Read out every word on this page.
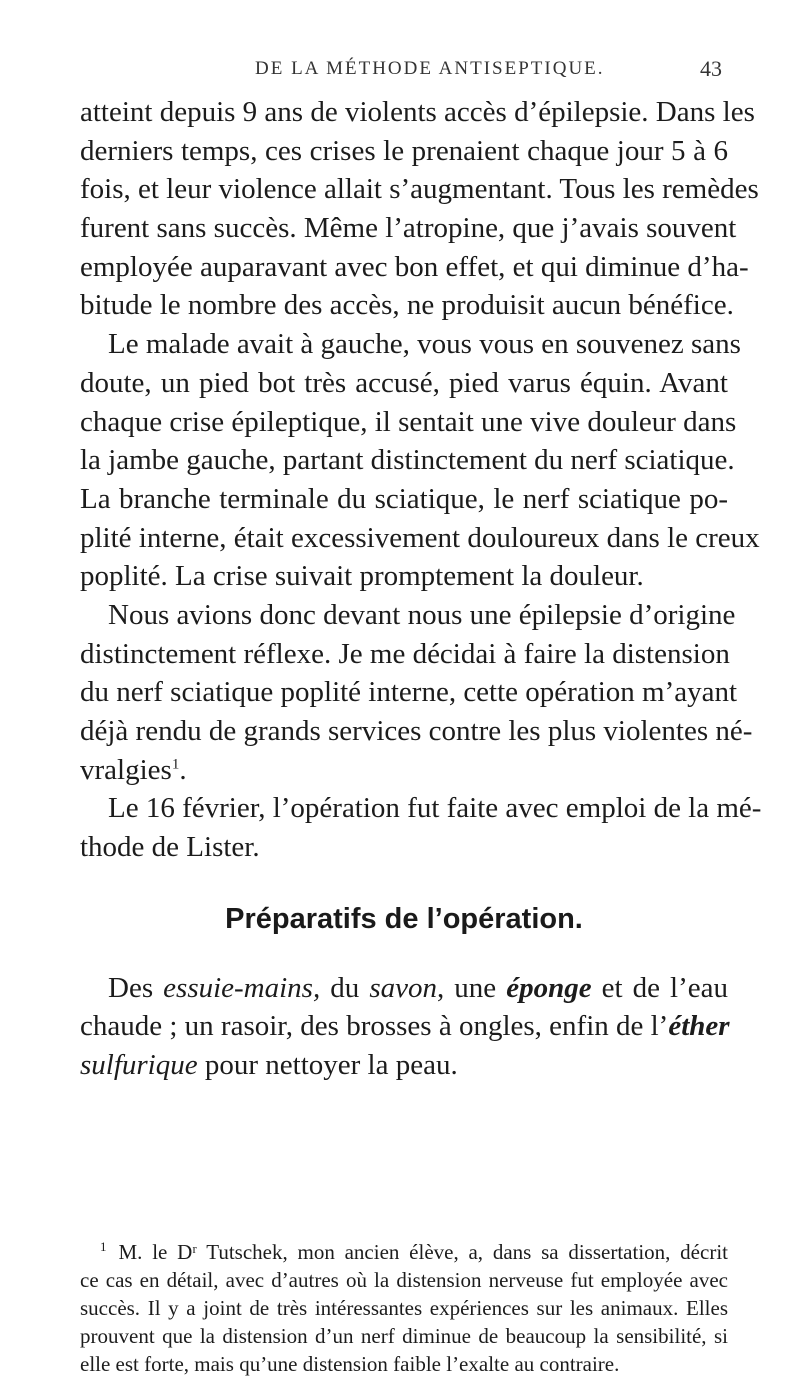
DE LA MÉTHODE ANTISEPTIQUE.	43
atteint depuis 9 ans de violents accès d’épilepsie. Dans les
derniers temps, ces crises le prenaient chaque jour 5 à 6
fois, et leur violence allait s’augmentant. Tous les remèdes
furent sans succès. Même l’atropine, que j’avais souvent
employée auparavant avec bon effet, et qui diminue d’ha-
bitude le nombre des accès, ne produisit aucun bénéfice.
Le malade avait à gauche, vous vous en souvenez sans
doute, un pied bot très accusé, pied varus équin. Avant
chaque crise épileptique, il sentait une vive douleur dans
la jambe gauche, partant distinctement du nerf sciatique.
La branche terminale du sciatique, le nerf sciatique po-
plité interne, était excessivement douloureux dans le creux
poplité. La crise suivait promptement la douleur.
Nous avions donc devant nous une épilepsie d’origine
distinctement réflexe. Je me décidai à faire la distension
du nerf sciatique poplité interne, cette opération m’ayant
déjà rendu de grands services contre les plus violentes né-
vralgies$^1$.
Le 16 février, l’opération fut faite avec emploi de la mé-
thode de Lister.
Préparatifs de l’opération.
Des essuie-mains, du savon, une éponge et de l’eau
chaude ; un rasoir, des brosses à ongles, enfin de l’éther
sulfurique pour nettoyer la peau.
$^1$ M. le Dʳ Tutschek, mon ancien élève, a, dans sa dissertation, décrit
ce cas en détail, avec d’autres où la distension nerveuse fut employée avec
succès. Il y a joint de très intéressantes expériences sur les animaux. Elles
prouvent que la distension d’un nerf diminue de beaucoup la sensibilité, si
elle est forte, mais qu’une distension faible l’exalte au contraire.
